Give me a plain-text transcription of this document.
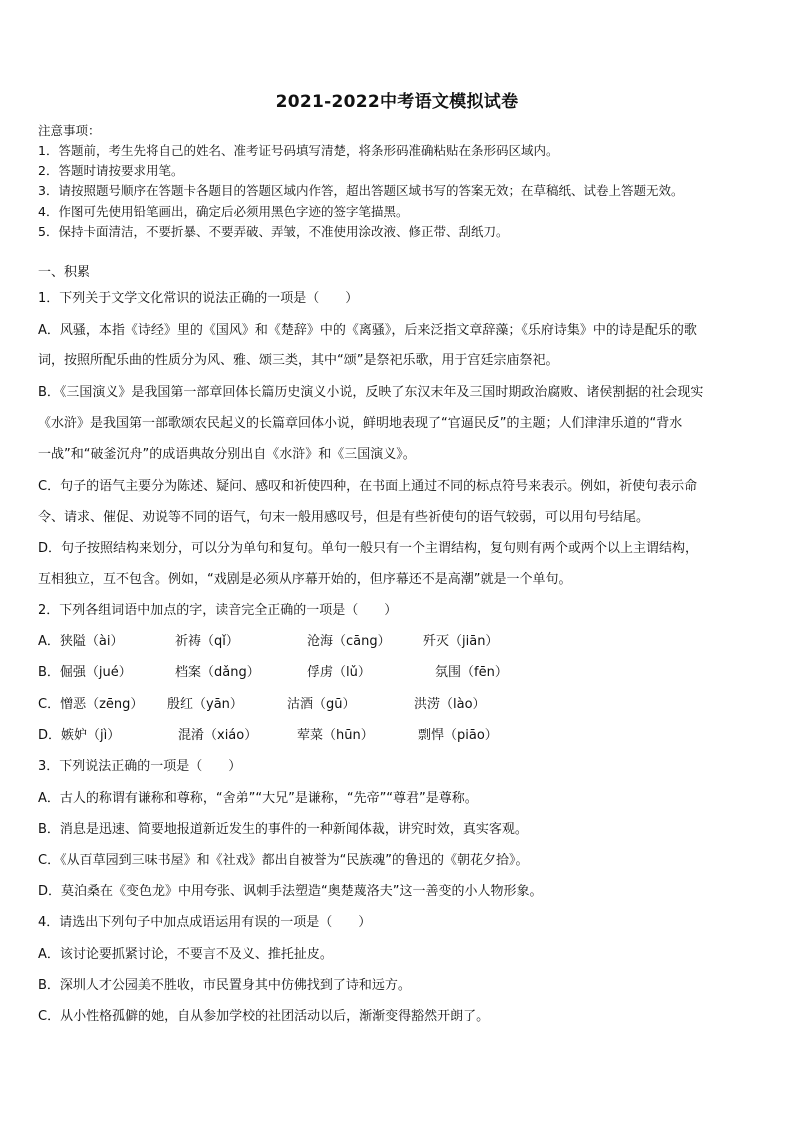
2021-2022中考语文模拟试卷
注意事项：
1．答题前，考生先将自己的姓名、准考证号码填写清楚，将条形码准确粘贴在条形码区域内。
2．答题时请按要求用笔。
3．请按照题号顺序在答题卡各题目的答题区域内作答，超出答题区域书写的答案无效；在草稿纸、试卷上答题无效。
4．作图可先使用铅笔画出，确定后必须用黑色字迹的签字笔描黑。
5．保持卡面清洁，不要折暴、不要弄破、弄皱，不准使用涂改液、修正带、刮纸刀。
一、积累
1．下列关于文学文化常识的说法正确的一项是（　　）
A．风骚，本指《诗经》里的《国风》和《楚辞》中的《离骚》，后来泛指文章辞藻；《乐府诗集》中的诗是配乐的歌
词，按照所配乐曲的性质分为风、雅、颂三类，其中“颂”是祭祀乐歌，用于宫廷宗庙祭祀。
B．《三国演义》是我国第一部章回体长篇历史演义小说，反映了东汉末年及三国时期政治腐败、诸侯割据的社会现实
《水浒》是我国第一部歌颂农民起义的长篇章回体小说，鲜明地表现了“官逼民反”的主题；人们津津乐道的“背水
一战”和“破釜沉舟”的成语典故分别出自《水浒》和《三国演义》。
C．句子的语气主要分为陈述、疑问、感叹和祈使四种，在书面上通过不同的标点符号来表示。例如，祈使句表示命
令、请求、催促、劝说等不同的语气，句末一般用感叹号，但是有些祈使句的语气较弱，可以用句号结尾。
D．句子按照结构来划分，可以分为单句和复句。单句一般只有一个主谓结构，复句则有两个或两个以上主谓结构，
互相独立，互不包含。例如，“戏剧是必须从序幕开始的，但序幕还不是高潮”就是一个单句。
2．下列各组词语中加点的字，读音完全正确的一项是（　　）
A．狭隘（ài）	祈祷（qǐ）	沧海（cāng） 歼灭（jiān）
B．倔强（jué）	档案（dǎng）	俘虏（lǔ）	氛围（fēn）
C．憎恶（zēng） 殷红（yān）	沽酒（gū）	洪涝（lào）
D．嫉妒（jì）	混淆（xiáo）	荤菜（hūn）	剽悍（piāo）
3．下列说法正确的一项是（　　）
A．古人的称谓有谦称和尊称，“舍弟”“大兄”是谦称，“先帝”“尊君”是尊称。
B．消息是迅速、简要地报道新近发生的事件的一种新闻体裁，讲究时效，真实客观。
C．《从百草园到三味书屋》和《社戏》都出自被誉为“民族魂”的鲁迅的《朝花夕拾》。
D．莫泊桑在《变色龙》中用夸张、讽刺手法塑造“奥楚蔑洛夫”这一善变的小人物形象。
4．请选出下列句子中加点成语运用有误的一项是（　　）
A．该讨论要抓紧讨论，不要言不及义、推托扯皮。
B．深圳人才公园美不胜收，市民置身其中仿佛找到了诗和远方。
C．从小性格孤僻的她，自从参加学校的社团活动以后，渐渐变得豁然开朗了。
